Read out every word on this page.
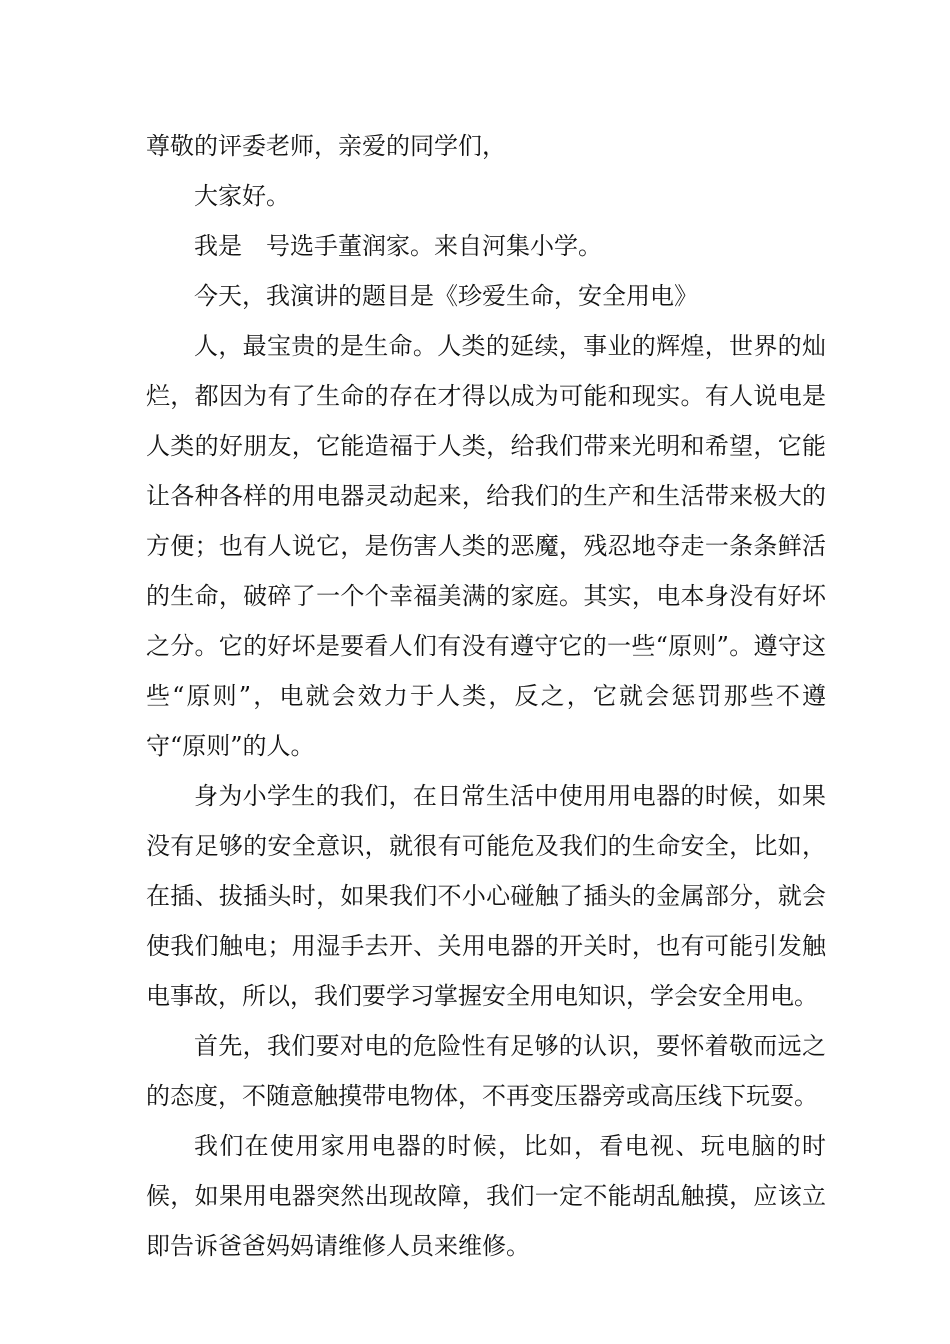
尊敬的评委老师，亲爱的同学们，

大家好。

我是　号选手董润家。来自河集小学。

今天，我演讲的题目是《珍爱生命，安全用电》

人，最宝贵的是生命。人类的延续，事业的辉煌，世界的灿烂，都因为有了生命的存在才得以成为可能和现实。有人说电是人类的好朋友，它能造福于人类，给我们带来光明和希望，它能让各种各样的用电器灵动起来，给我们的生产和生活带来极大的方便；也有人说它，是伤害人类的恶魔，残忍地夺走一条条鲜活的生命，破碎了一个个幸福美满的家庭。其实，电本身没有好坏之分。它的好坏是要看人们有没有遵守它的一些“原则”。遵守这些“原则”，电就会效力于人类，反之，它就会惩罚那些不遵守“原则”的人。

身为小学生的我们，在日常生活中使用用电器的时候，如果没有足够的安全意识，就很有可能危及我们的生命安全，比如，在插、拔插头时，如果我们不小心碰触了插头的金属部分，就会使我们触电；用湿手去开、关用电器的开关时，也有可能引发触电事故，所以，我们要学习掌握安全用电知识，学会安全用电。

首先，我们要对电的危险性有足够的认识，要怀着敬而远之的态度，不随意触摸带电物体，不再变压器旁或高压线下玩耍。

我们在使用家用电器的时候，比如，看电视、玩电脑的时候，如果用电器突然出现故障，我们一定不能胡乱触摸，应该立即告诉爸爸妈妈请维修人员来维修。
